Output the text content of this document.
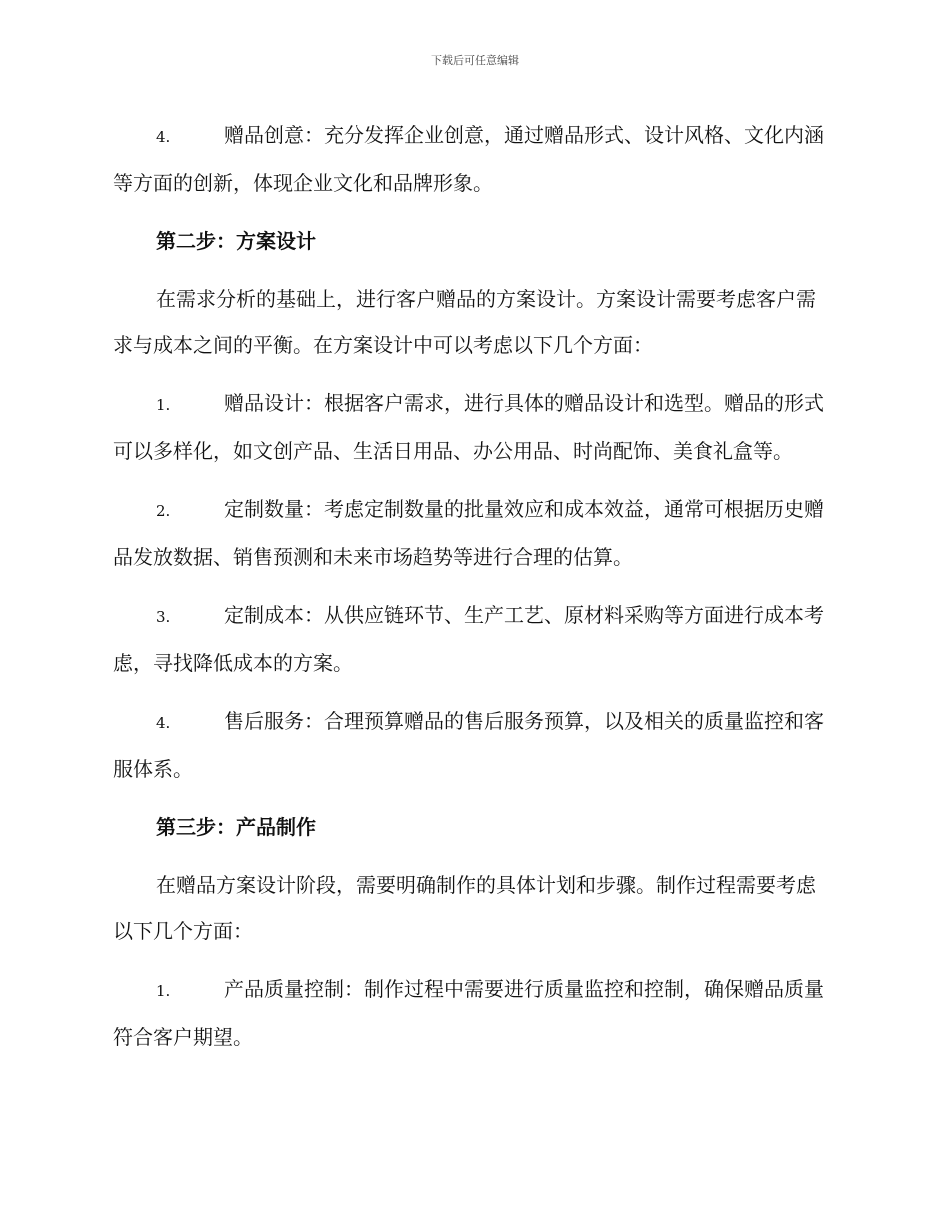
下载后可任意编辑
4.	赠品创意：充分发挥企业创意，通过赠品形式、设计风格、文化内涵等方面的创新，体现企业文化和品牌形象。
第二步：方案设计
在需求分析的基础上，进行客户赠品的方案设计。方案设计需要考虑客户需求与成本之间的平衡。在方案设计中可以考虑以下几个方面：
1.	赠品设计：根据客户需求，进行具体的赠品设计和选型。赠品的形式可以多样化，如文创产品、生活日用品、办公用品、时尚配饰、美食礼盒等。
2.	定制数量：考虑定制数量的批量效应和成本效益，通常可根据历史赠品发放数据、销售预测和未来市场趋势等进行合理的估算。
3.	定制成本：从供应链环节、生产工艺、原材料采购等方面进行成本考虑，寻找降低成本的方案。
4.	售后服务：合理预算赠品的售后服务预算，以及相关的质量监控和客服体系。
第三步：产品制作
在赠品方案设计阶段，需要明确制作的具体计划和步骤。制作过程需要考虑以下几个方面：
1.	产品质量控制：制作过程中需要进行质量监控和控制，确保赠品质量符合客户期望。
